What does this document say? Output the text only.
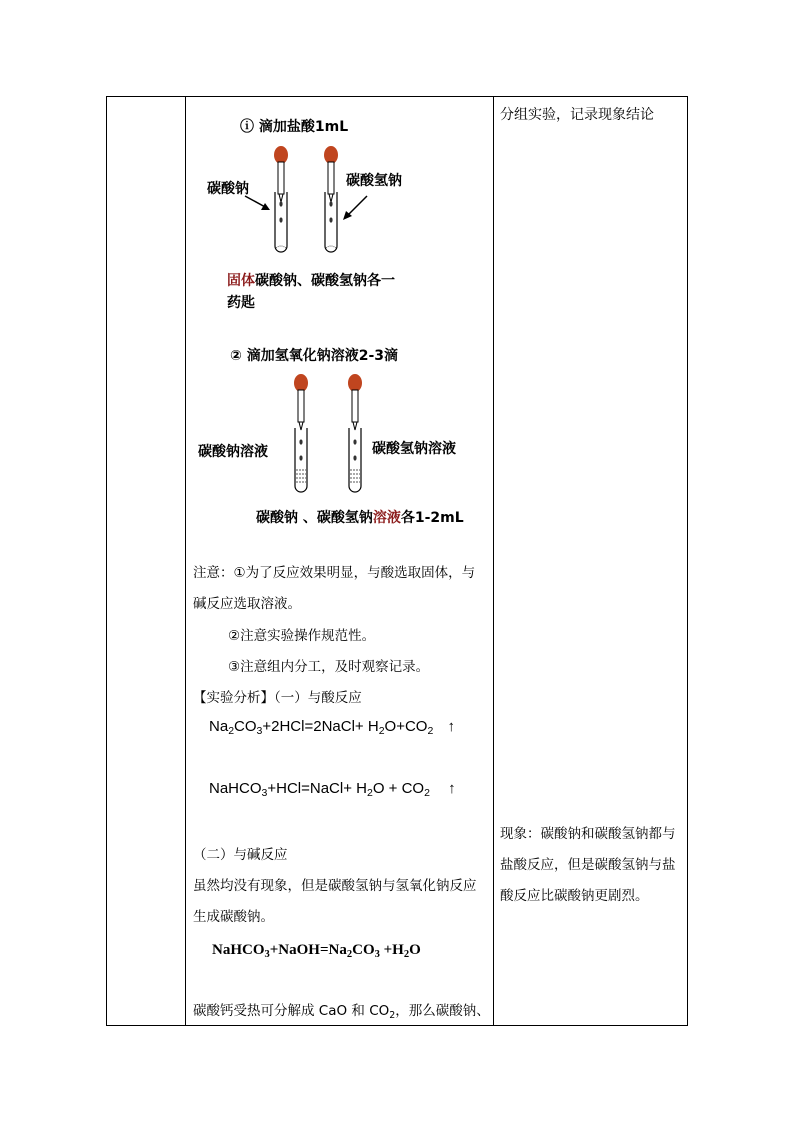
分组实验，记录现象结论
现象：碳酸钠和碳酸氢钠都与
盐酸反应，但是碳酸氢钠与盐
酸反应比碳酸钠更剧烈。
ⓘ 滴加盐酸1mL
碳酸钠	碳酸氢钠
固体碳酸钠、碳酸氢钠各一
药匙
② 滴加氢氧化钠溶液2-3滴
碳酸钠溶液	碳酸氢钠溶液
碳酸钠 、碳酸氢钠溶液各1-2mL
注意：①为了反应效果明显，与酸选取固体，与
碱反应选取溶液。
②注意实验操作规范性。
③注意组内分工，及时观察记录。
【实验分析】（一）与酸反应
$Na_2CO_3+2HCl=2NaCl+ H_2O+CO_2$ ↑
NaHCO$_3$+HCl=NaCl+ $H_2O + CO_2$ ↑
（二）与碱反应
虽然均没有现象，但是碳酸氢钠与氢氧化钠反应
生成碳酸钠。
$NaHCO_3+NaOH=Na_2CO_3 +H_2O$
碳酸钙受热可分解成 CaO 和 $CO_2$，那么碳酸钠、
